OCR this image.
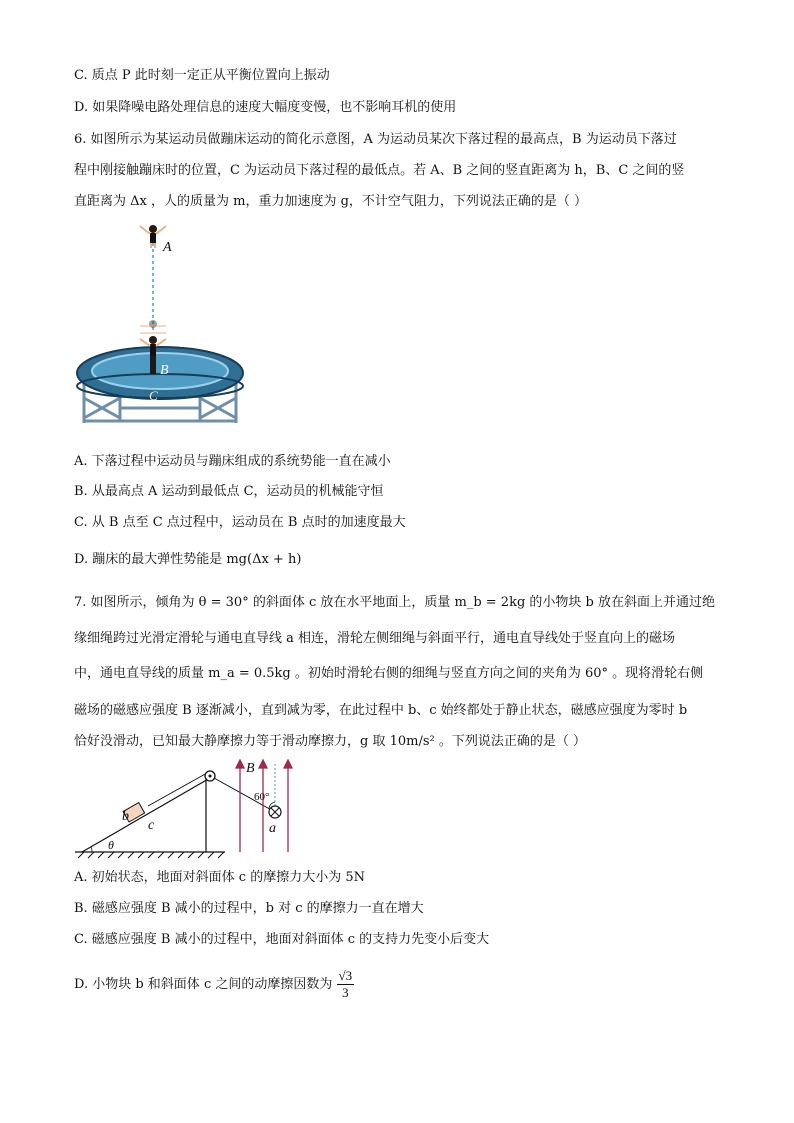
C. 质点 P 此时刻一定正从平衡位置向上振动
D. 如果降噪电路处理信息的速度大幅度变慢，也不影响耳机的使用
6. 如图所示为某运动员做蹦床运动的简化示意图，A 为运动员某次下落过程的最高点，B 为运动员下落过
程中刚接触蹦床时的位置，C 为运动员下落过程的最低点。若 A、B 之间的竖直距离为 h，B、C 之间的竖
直距离为 Δx ，人的质量为 m，重力加速度为 g，不计空气阻力，下列说法正确的是（ ）
A
B
C
A. 下落过程中运动员与蹦床组成的系统势能一直在减小
B. 从最高点 A 运动到最低点 C，运动员的机械能守恒
C. 从 B 点至 C 点过程中，运动员在 B 点时的加速度最大
D. 蹦床的最大弹性势能是 mg(Δx + h)
7. 如图所示，倾角为 θ = 30° 的斜面体 c 放在水平地面上，质量 m_b = 2kg 的小物块 b 放在斜面上并通过绝
缘细绳跨过光滑定滑轮与通电直导线 a 相连，滑轮左侧细绳与斜面平行，通电直导线处于竖直向上的磁场
中，通电直导线的质量 m_a = 0.5kg 。初始时滑轮右侧的细绳与竖直方向之间的夹角为 60° 。现将滑轮右侧
磁场的磁感应强度 B 逐渐减小，直到减为零，在此过程中 b、c 始终都处于静止状态，磁感应强度为零时 b
恰好没滑动，已知最大静摩擦力等于滑动摩擦力，g 取 10m/s² 。下列说法正确的是（ ）
B
60°
a
b
c
θ
A. 初始状态，地面对斜面体 c 的摩擦力大小为 5N
B. 磁感应强度 B 减小的过程中，b 对 c 的摩擦力一直在增大
C. 磁感应强度 B 减小的过程中，地面对斜面体 c 的支持力先变小后变大
D. 小物块 b 和斜面体 c 之间的动摩擦因数为 $\frac{√3}{3}$
